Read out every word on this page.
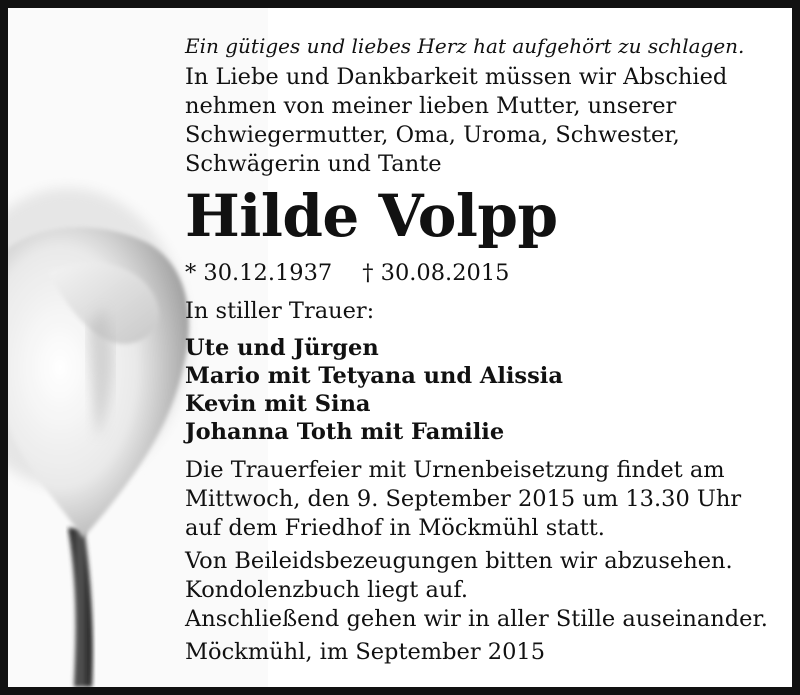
Ein gütiges und liebes Herz hat aufgehört zu schlagen.

In Liebe und Dankbarkeit müssen wir Abschied

nehmen von meiner lieben Mutter, unserer

Schwiegermutter, Oma, Uroma, Schwester,

Schwägerin und Tante

Hilde Volpp
* 30.12.1937 † 30.08.2015

In stiller Trauer:

Ute und Jürgen
Mario mit Tetyana und Alissia
Kevin mit Sina
Johanna Toth mit Familie

Die Trauerfeier mit Urnenbeisetzung findet am

Mittwoch, den 9. September 2015 um 13.30 Uhr

auf dem Friedhof in Möckmühl statt.

Von Beileidsbezeugungen bitten wir abzusehen.

Kondolenzbuch liegt auf.

Anschließend gehen wir in aller Stille auseinander.

Möckmühl, im September 2015
